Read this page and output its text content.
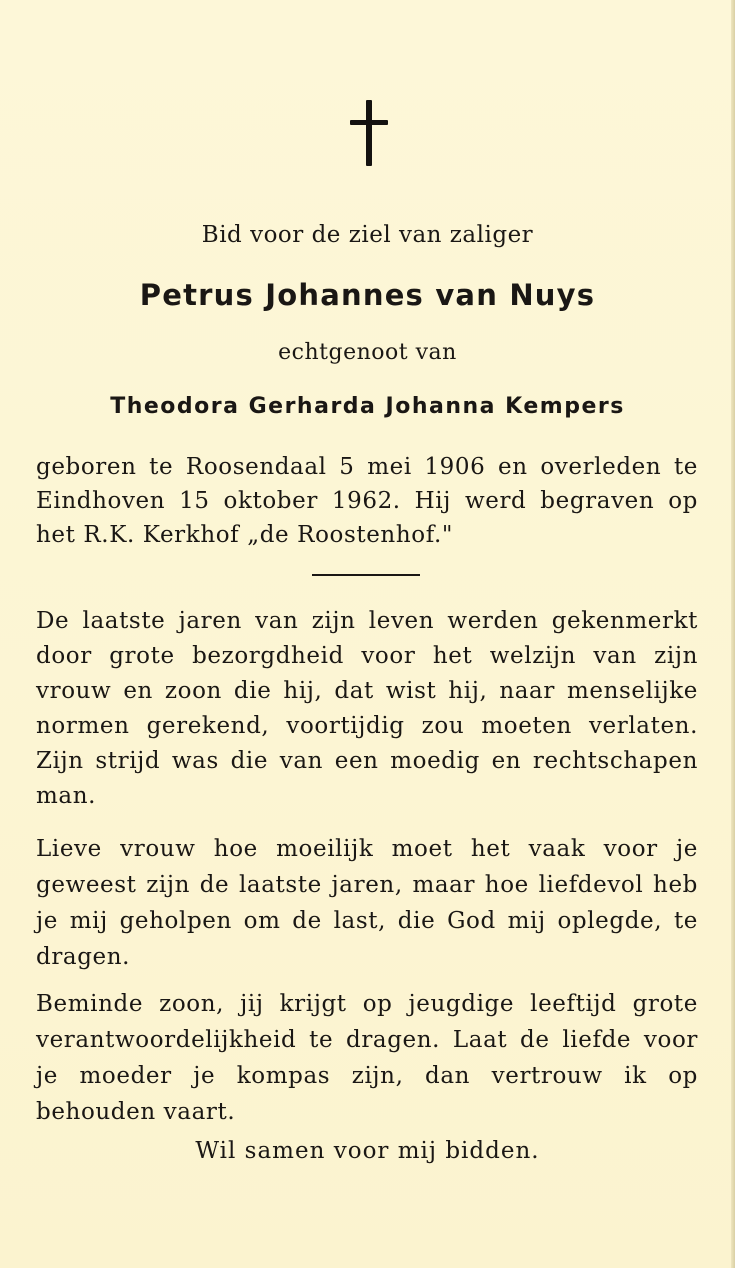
Bid voor de ziel van zaliger
Petrus Johannes van Nuys
echtgenoot van
Theodora Gerharda Johanna Kempers

geboren te Roosendaal 5 mei 1906 en overleden te Eindhoven 15 oktober 1962. Hij werd begraven op het R.K. Kerkhof „de Roostenhof."

De laatste jaren van zijn leven werden gekenmerkt door grote bezorgdheid voor het welzijn van zijn vrouw en zoon die hij, dat wist hij, naar menselijke normen gerekend, voortijdig zou moeten verlaten. Zijn strijd was die van een moedig en rechtschapen man.

Lieve vrouw hoe moeilijk moet het vaak voor je geweest zijn de laatste jaren, maar hoe liefdevol heb je mij geholpen om de last, die God mij oplegde, te dragen.

Beminde zoon, jij krijgt op jeugdige leeftijd grote verantwoordelijkheid te dragen. Laat de liefde voor je moeder je kompas zijn, dan vertrouw ik op behouden vaart.

Wil samen voor mij bidden.
